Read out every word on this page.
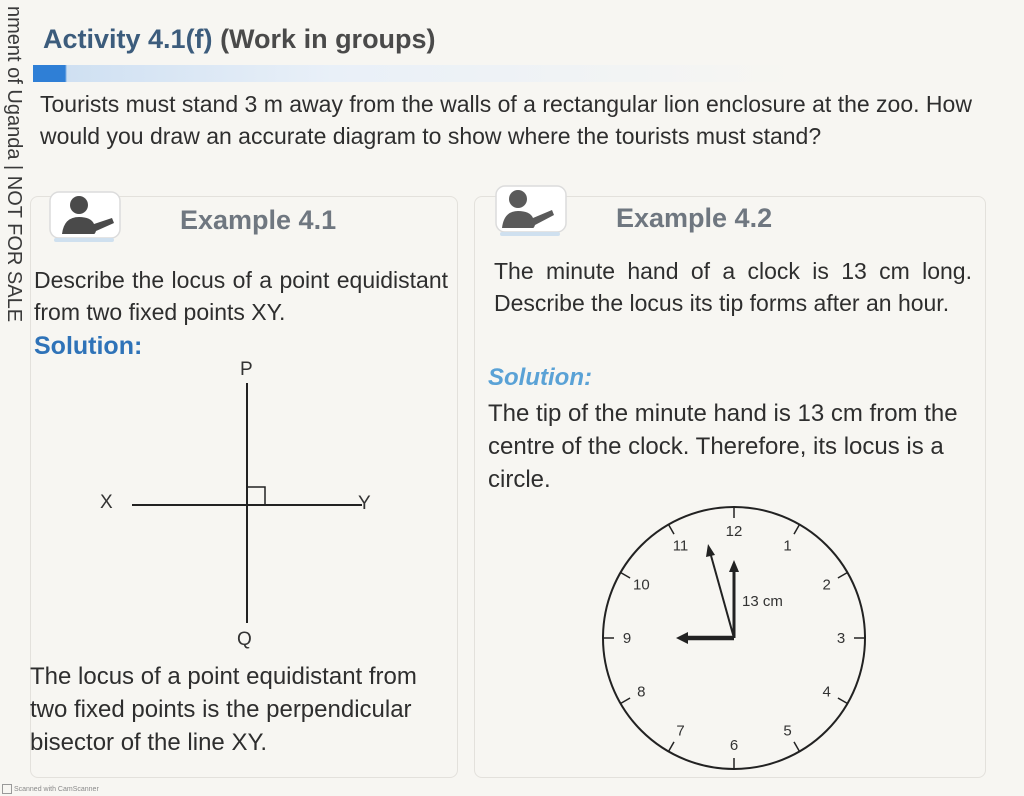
nment of Uganda | NOT FOR SALE Activity 4.1(f) (Work in groups)
Tourists must stand 3 m away from the walls of a rectangular lion enclosure at the zoo. How would you draw an accurate diagram to show where the tourists must stand?
Example 4.1
Describe the locus of a point equidistant from two fixed points XY.
Solution:
P
Q
X	Y
The locus of a point equidistant from two fixed points is the perpendicular bisector of the line XY.
Example 4.2
The minute hand of a clock is 13 cm long. Describe the locus its tip forms after an hour.
Solution:
The tip of the minute hand is 13 cm from the centre of the clock. Therefore, its locus is a circle.
12
1
2
3
4
5
6
7
8
9
10
11
13 cm
Scanned with CamScanner
